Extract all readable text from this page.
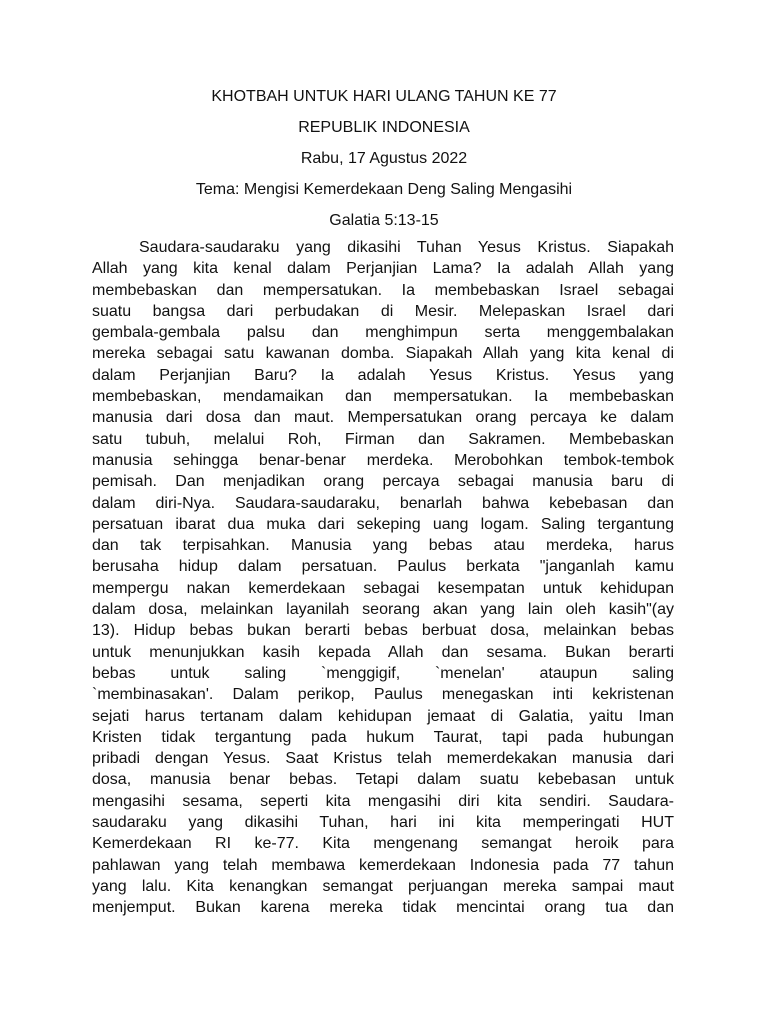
KHOTBAH UNTUK HARI ULANG TAHUN KE 77
REPUBLIK INDONESIA
Rabu, 17 Agustus 2022
Tema: Mengisi Kemerdekaan Deng Saling Mengasihi
Galatia 5:13-15
Saudara-saudaraku yang dikasihi Tuhan Yesus Kristus. Siapakah
Allah yang kita kenal dalam Perjanjian Lama? Ia adalah Allah yang
membebaskan dan mempersatukan. Ia membebaskan Israel sebagai
suatu bangsa dari perbudakan di Mesir. Melepaskan Israel dari
gembala-gembala palsu dan menghimpun serta menggembalakan
mereka sebagai satu kawanan domba. Siapakah Allah yang kita kenal di
dalam Perjanjian Baru? Ia adalah Yesus Kristus. Yesus yang
membebaskan, mendamaikan dan mempersatukan. Ia membebaskan
manusia dari dosa dan maut. Mempersatukan orang percaya ke dalam
satu tubuh, melalui Roh, Firman dan Sakramen. Membebaskan
manusia sehingga benar-benar merdeka. Merobohkan tembok-tembok
pemisah. Dan menjadikan orang percaya sebagai manusia baru di
dalam diri-Nya. Saudara-saudaraku, benarlah bahwa kebebasan dan
persatuan ibarat dua muka dari sekeping uang logam. Saling tergantung
dan tak terpisahkan. Manusia yang bebas atau merdeka, harus
berusaha hidup dalam persatuan. Paulus berkata "janganlah kamu
mempergu nakan kemerdekaan sebagai kesempatan untuk kehidupan
dalam dosa, melainkan layanilah seorang akan yang lain oleh kasih"(ay
13). Hidup bebas bukan berarti bebas berbuat dosa, melainkan bebas
untuk menunjukkan kasih kepada Allah dan sesama. Bukan berarti
bebas untuk saling `menggigif, `menelan' ataupun saling
`membinasakan'. Dalam perikop, Paulus menegaskan inti kekristenan
sejati harus tertanam dalam kehidupan jemaat di Galatia, yaitu Iman
Kristen tidak tergantung pada hukum Taurat, tapi pada hubungan
pribadi dengan Yesus. Saat Kristus telah memerdekakan manusia dari
dosa, manusia benar bebas. Tetapi dalam suatu kebebasan untuk
mengasihi sesama, seperti kita mengasihi diri kita sendiri. Saudara-
saudaraku yang dikasihi Tuhan, hari ini kita memperingati HUT
Kemerdekaan RI ke-77. Kita mengenang semangat heroik para
pahlawan yang telah membawa kemerdekaan Indonesia pada 77 tahun
yang lalu. Kita kenangkan semangat perjuangan mereka sampai maut
menjemput. Bukan karena mereka tidak mencintai orang tua dan
